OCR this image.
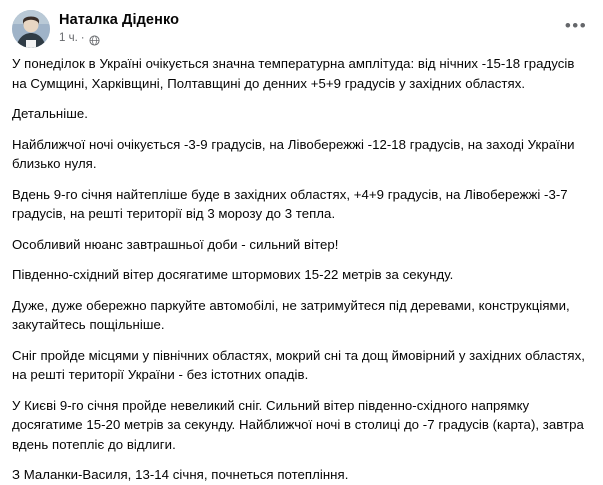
Наталка Діденко
1 ч. ·
•••

У понеділок в Україні очікується значна температурна амплітуда: від нічних -15-18 градусів на Сумщині, Харківщині, Полтавщині до денних +5+9 градусів у західних областях.

Детальніше.

Найближчої ночі очікується -3-9 градусів, на Лівобережжі -12-18 градусів, на заході України близько нуля.

Вдень 9-го січня найтепліше буде в західних областях, +4+9 градусів, на Лівобережжі -3-7 градусів, на решті території від 3 морозу до 3 тепла.

Особливий нюанс завтрашньої доби - сильний вітер!

Південно-східний вітер досягатиме штормових 15-22 метрів за секунду.

Дуже, дуже обережно паркуйте автомобілі, не затримуйтеся під деревами, конструкціями, закутайтесь пощільніше.

Сніг пройде місцями у північних областях, мокрий сні та дощ ймовірний у західних областях, на решті території України - без істотних опадів.

У Києві 9-го січня пройде невеликий сніг. Сильний вітер південно-східного напрямку досягатиме 15-20 метрів за секунду. Найближчої ночі в столиці до -7 градусів (карта), завтра вдень потепліє до відлиги.

З Маланки-Василя, 13-14 січня, почнеться потепління.
